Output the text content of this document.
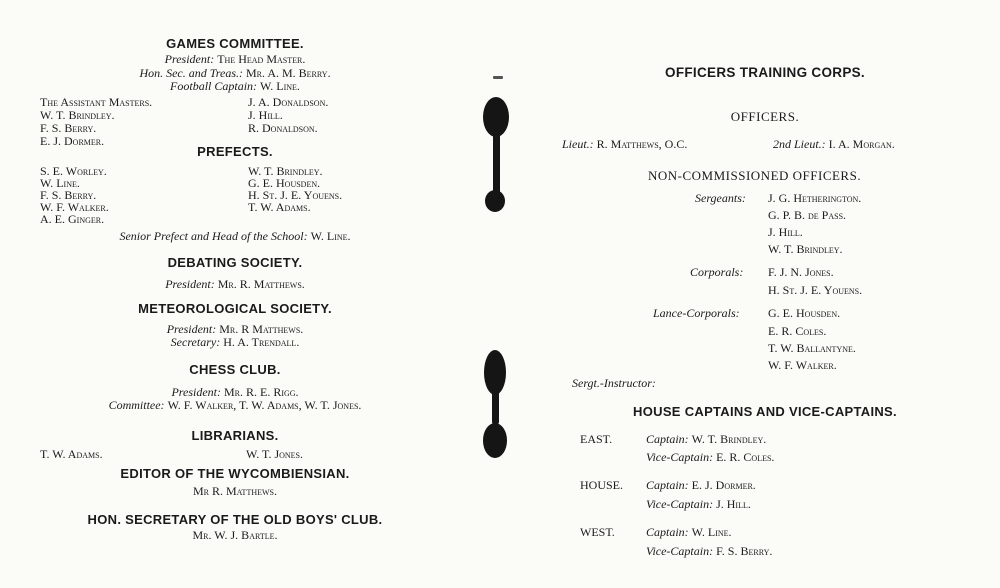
GAMES COMMITTEE.
President: The Head Master.
Hon. Sec. and Treas.: Mr. A. M. Berry.
Football Captain: W. Line.
The Assistant Masters.	J. A. Donaldson.
W. T. Brindley.	J. Hill.
F. S. Berry.	R. Donaldson.
E. J. Dormer.
PREFECTS.
S. E. Worley.	W. T. Brindley.
W. Line.	G. E. Housden.
F. S. Berry.	H. St. J. E. Youens.
W. F. Walker.	T. W. Adams.
A. E. Ginger.
Senior Prefect and Head of the School: W. Line.
DEBATING SOCIETY.
President: Mr. R. Matthews.
METEOROLOGICAL SOCIETY.
President: Mr. R Matthews.
Secretary: H. A. Trendall.
CHESS CLUB.
President: Mr. R. E. Rigg.
Committee: W. F. Walker, T. W. Adams, W. T. Jones.
LIBRARIANS.
T. W. Adams.	W. T. Jones.
EDITOR OF THE WYCOMBIENSIAN.
Mr R. Matthews.
HON. SECRETARY OF THE OLD BOYS' CLUB.
Mr. W. J. Bartle.
OFFICERS TRAINING CORPS.
OFFICERS.
Lieut.: R. Matthews, O.C.	2nd Lieut.: I. A. Morgan.
NON-COMMISSIONED OFFICERS.
Sergeants: J. G. Hetherington.
G. P. B. de Pass.
J. Hill.
W. T. Brindley.
Corporals: F. J. N. Jones.
H. St. J. E. Youens.
Lance-Corporals: G. E. Housden.
E. R. Coles.
T. W. Ballantyne.
W. F. Walker.
Sergt.-Instructor:
HOUSE CAPTAINS AND VICE-CAPTAINS.
EAST.	Captain: W. T. Brindley.
Vice-Captain: E. R. Coles.
HOUSE. Captain: E. J. Dormer.
Vice-Captain: J. Hill.
WEST.	Captain: W. Line.
Vice-Captain: F. S. Berry.
